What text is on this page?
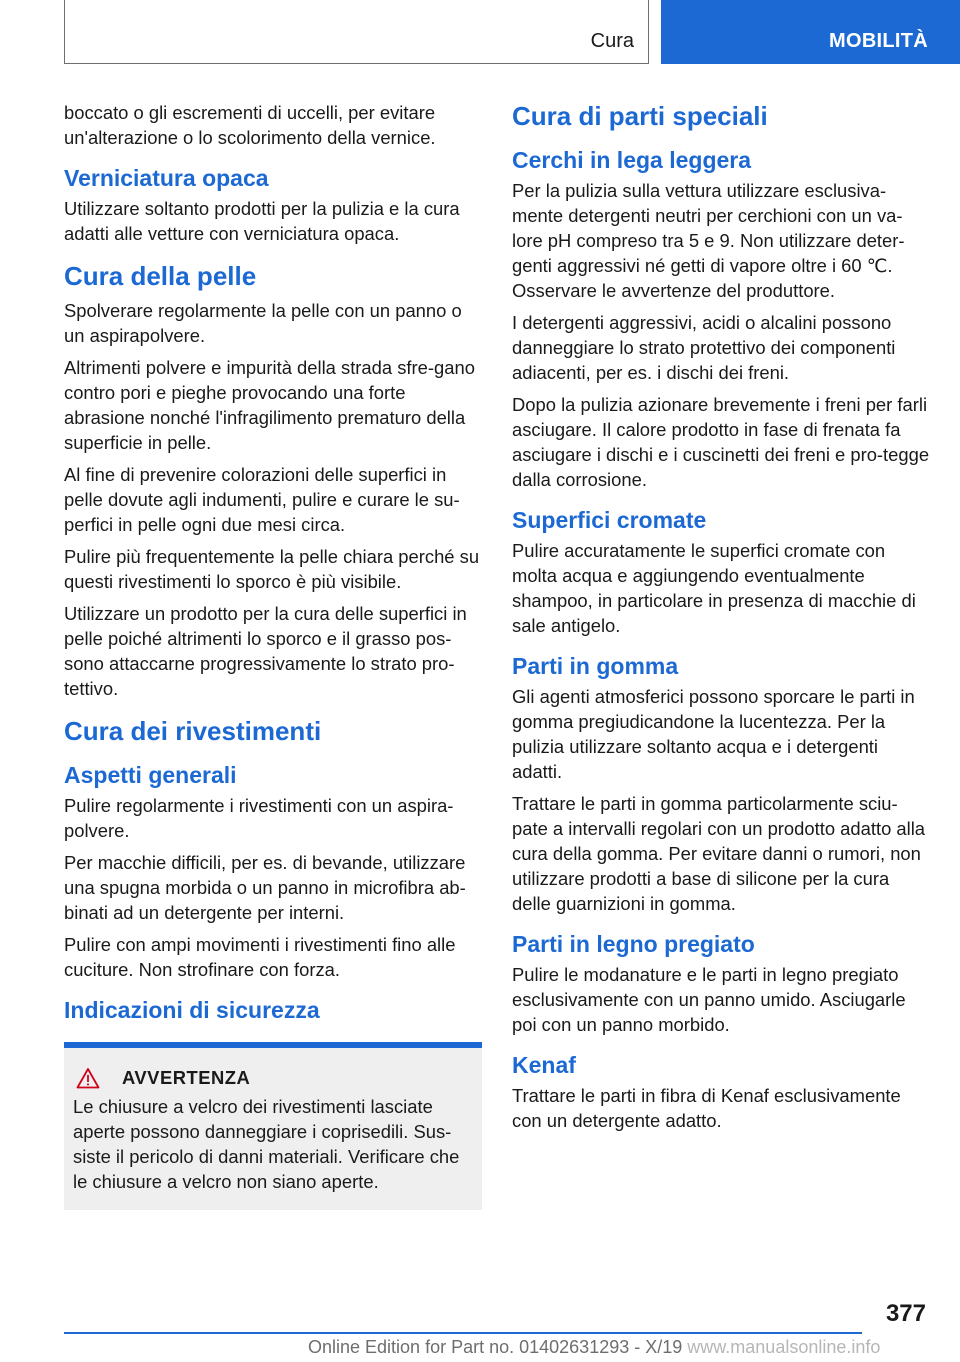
Cura	MOBILITÀ

boccato o gli escrementi di uccelli, per evitare un'alterazione o lo scolorimento della vernice.

Verniciatura opaca

Utilizzare soltanto prodotti per la pulizia e la cura adatti alle vetture con verniciatura opaca.

Cura della pelle

Spolverare regolarmente la pelle con un panno o un aspirapolvere.

Altrimenti polvere e impurità della strada sfre-gano contro pori e pieghe provocando una forte abrasione nonché l'infragilimento prematuro della superficie in pelle.

Al fine di prevenire colorazioni delle superfici in pelle dovute agli indumenti, pulire e curare le su-perfici in pelle ogni due mesi circa.

Pulire più frequentemente la pelle chiara perché su questi rivestimenti lo sporco è più visibile.

Utilizzare un prodotto per la cura delle superfici in pelle poiché altrimenti lo sporco e il grasso pos-sono attaccarne progressivamente lo strato pro-tettivo.

Cura dei rivestimenti
Aspetti generali

Pulire regolarmente i rivestimenti con un aspira-polvere.

Per macchie difficili, per es. di bevande, utilizzare una spugna morbida o un panno in microfibra ab-binati ad un detergente per interni.

Pulire con ampi movimenti i rivestimenti fino alle cuciture. Non strofinare con forza.

Indicazioni di sicurezza
AVVERTENZA

Le chiusure a velcro dei rivestimenti lasciate aperte possono danneggiare i coprisedili. Sus-siste il pericolo di danni materiali. Verificare che le chiusure a velcro non siano aperte.

Cura di parti speciali
Cerchi in lega leggera

Per la pulizia sulla vettura utilizzare esclusiva-mente detergenti neutri per cerchioni con un va-lore pH compreso tra 5 e 9. Non utilizzare deter-genti aggressivi né getti di vapore oltre i 60 ℃. Osservare le avvertenze del produttore.

I detergenti aggressivi, acidi o alcalini possono danneggiare lo strato protettivo dei componenti adiacenti, per es. i dischi dei freni.

Dopo la pulizia azionare brevemente i freni per farli asciugare. Il calore prodotto in fase di frenata fa asciugare i dischi e i cuscinetti dei freni e pro-tegge dalla corrosione.

Superfici cromate

Pulire accuratamente le superfici cromate con molta acqua e aggiungendo eventualmente shampoo, in particolare in presenza di macchie di sale antigelo.

Parti in gomma

Gli agenti atmosferici possono sporcare le parti in gomma pregiudicandone la lucentezza. Per la pulizia utilizzare soltanto acqua e i detergenti adatti.

Trattare le parti in gomma particolarmente sciu-pate a intervalli regolari con un prodotto adatto alla cura della gomma. Per evitare danni o rumori, non utilizzare prodotti a base di silicone per la cura delle guarnizioni in gomma.

Parti in legno pregiato

Pulire le modanature e le parti in legno pregiato esclusivamente con un panno umido. Asciugarle poi con un panno morbido.

Kenaf

Trattare le parti in fibra di Kenaf esclusivamente con un detergente adatto.

377
Online Edition for Part no. 01402631293 - X/19 www.manualsonline.info
